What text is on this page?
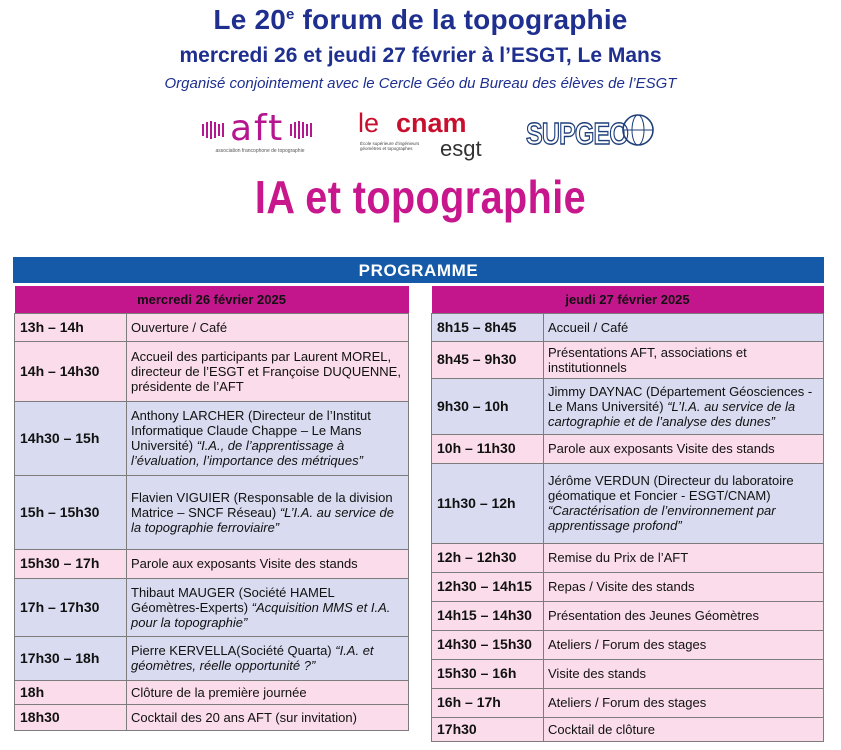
Le 20e forum de la topographie
mercredi 26 et jeudi 27 février à l’ESGT, Le Mans
Organisé conjointement avec le Cercle Géo du Bureau des élèves de l’ESGT
aft
association francophone de topographie
le cnam
École supérieure d’ingénieurs géomètres et topographes	esgt SUPGEO
IA et topographie
PROGRAMME
mercredi 26 février 2025	
13h – 14h	Ouverture / Café
14h – 14h30	Accueil des participants par Laurent MOREL, directeur de l’ESGT et Françoise DUQUENNE, présidente de l’AFT
14h30 – 15h	Anthony LARCHER (Directeur de l’Institut Informatique Claude Chappe – Le Mans Université) “I.A., de l’apprentissage à l’évaluation, l’importance des métriques”
15h – 15h30	Flavien VIGUIER (Responsable de la division Matrice – SNCF Réseau) “L’I.A. au service de la topographie ferroviaire”
15h30 – 17h	Parole aux exposants Visite des stands
17h – 17h30	Thibaut MAUGER (Société HAMEL Géomètres-Experts) “Acquisition MMS et I.A. pour la topographie”
17h30 – 18h	Pierre KERVELLA(Société Quarta) “I.A. et géomètres, réelle opportunité ?”
18h	Clôture de la première journée
18h30	Cocktail des 20 ans AFT (sur invitation)
jeudi 27 février 2025	
8h15 – 8h45	Accueil / Café
8h45 – 9h30	Présentations AFT, associations et institutionnels
9h30 – 10h	Jimmy DAYNAC (Département Géosciences - Le Mans Université) “L’I.A. au service de la cartographie et de l’analyse des dunes”
10h – 11h30	Parole aux exposants Visite des stands
11h30 – 12h	Jérôme VERDUN (Directeur du laboratoire géomatique et Foncier - ESGT/CNAM) “Caractérisation de l’environnement par apprentissage profond”
12h – 12h30	Remise du Prix de l’AFT
12h30 – 14h15	Repas / Visite des stands
14h15 – 14h30	Présentation des Jeunes Géomètres
14h30 – 15h30	Ateliers / Forum des stages
15h30 – 16h	Visite des stands
16h – 17h	Ateliers / Forum des stages
17h30	Cocktail de clôture
